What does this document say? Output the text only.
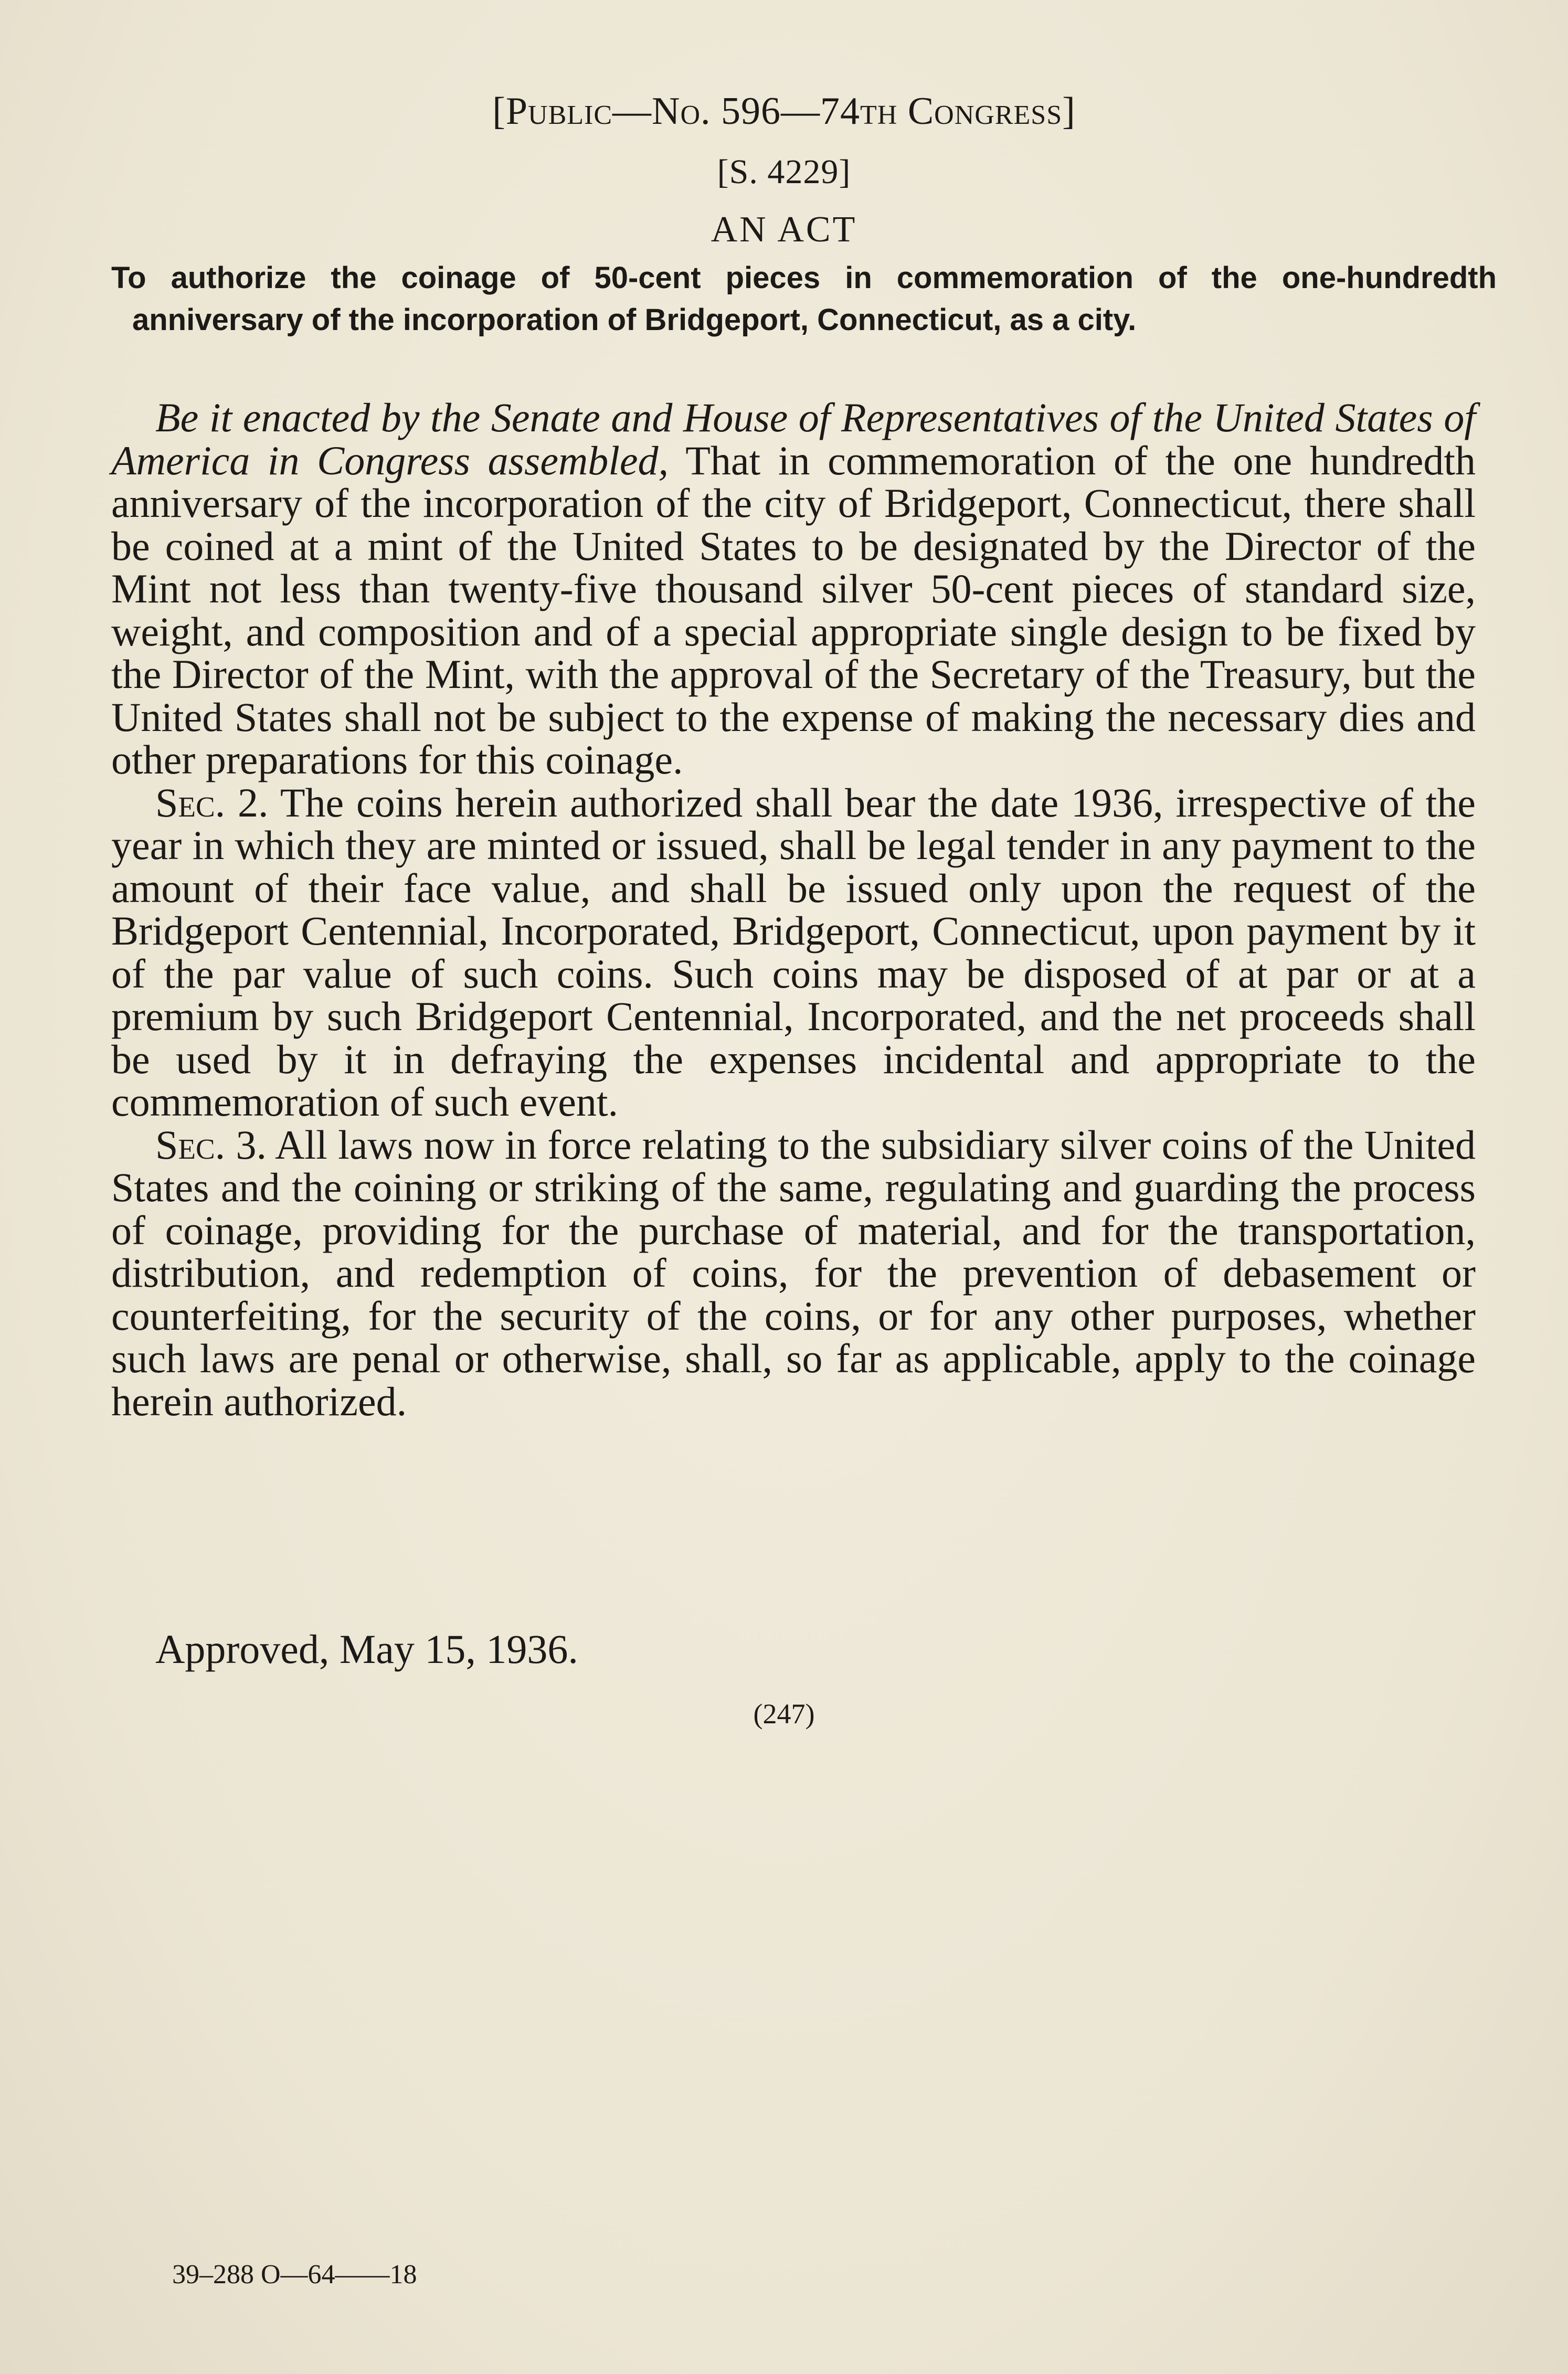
[Public—No. 596—74th Congress]
[S. 4229]
AN ACT
To authorize the coinage of 50-cent pieces in commemoration of the one-hundredth anniversary of the incorporation of Bridgeport, Connecticut, as a city.

Be it enacted by the Senate and House of Representatives of the United States of America in Congress assembled, That in commemoration of the one hundredth anniversary of the incorporation of the city of Bridgeport, Connecticut, there shall be coined at a mint of the United States to be designated by the Director of the Mint not less than twenty-five thousand silver 50-cent pieces of standard size, weight, and composition and of a special appropriate single design to be fixed by the Director of the Mint, with the approval of the Secretary of the Treasury, but the United States shall not be subject to the expense of making the necessary dies and other preparations for this coinage.

Sec. 2. The coins herein authorized shall bear the date 1936, irrespective of the year in which they are minted or issued, shall be legal tender in any payment to the amount of their face value, and shall be issued only upon the request of the Bridgeport Centennial, Incorporated, Bridgeport, Connecticut, upon payment by it of the par value of such coins. Such coins may be disposed of at par or at a premium by such Bridgeport Centennial, Incorporated, and the net proceeds shall be used by it in defraying the expenses incidental and appropriate to the commemoration of such event.

Sec. 3. All laws now in force relating to the subsidiary silver coins of the United States and the coining or striking of the same, regulating and guarding the process of coinage, providing for the purchase of material, and for the transportation, distribution, and redemption of coins, for the prevention of debasement or counterfeiting, for the security of the coins, or for any other purposes, whether such laws are penal or otherwise, shall, so far as applicable, apply to the coinage herein authorized.

Approved, May 15, 1936.
(247)
39–288 O—64——18
